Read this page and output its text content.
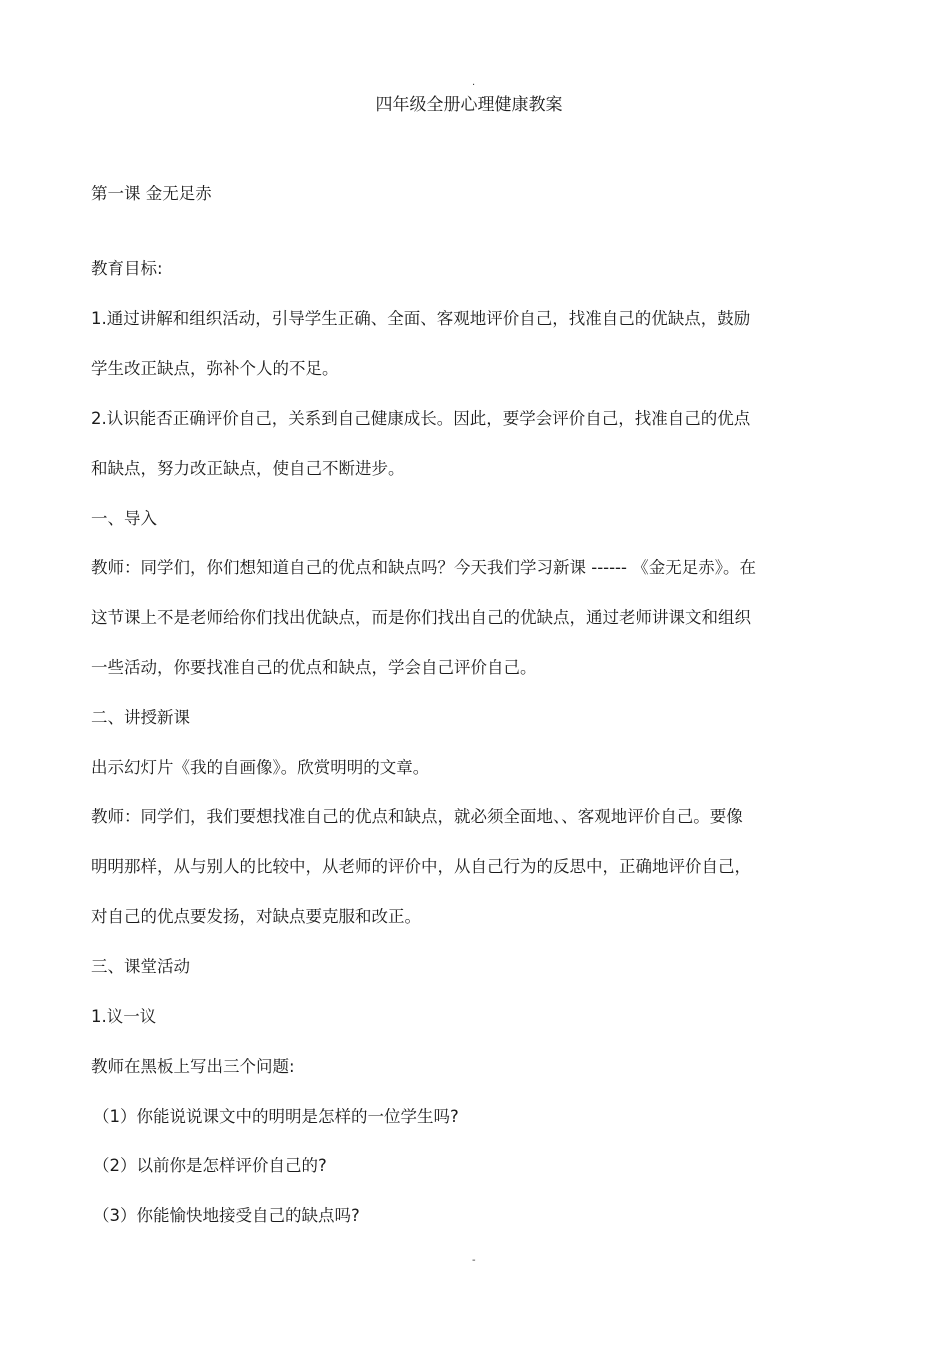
.
四年级全册心理健康教案
第一课 金无足赤
教育目标:
1.通过讲解和组织活动，引导学生正确、全面、客观地评价自己，找准自己的优缺点，鼓励
学生改正缺点，弥补个人的不足。
2.认识能否正确评价自己，关系到自己健康成长。因此，要学会评价自己，找准自己的优点
和缺点，努力改正缺点，使自己不断进步。
一、导入
教师：同学们，你们想知道自己的优点和缺点吗？今天我们学习新课 ------ 《金无足赤》。在
这节课上不是老师给你们找出优缺点，而是你们找出自己的优缺点，通过老师讲课文和组织
一些活动，你要找准自己的优点和缺点，学会自己评价自己。
二、讲授新课
出示幻灯片《我的自画像》。欣赏明明的文章。
教师：同学们，我们要想找准自己的优点和缺点，就必须全面地、、客观地评价自己。要像
明明那样，从与别人的比较中，从老师的评价中，从自己行为的反思中，正确地评价自己，
对自己的优点要发扬，对缺点要克服和改正。
三、课堂活动
1.议一议
教师在黑板上写出三个问题:
（1）你能说说课文中的明明是怎样的一位学生吗?
（2）以前你是怎样评价自己的?
（3）你能愉快地接受自己的缺点吗?
-
